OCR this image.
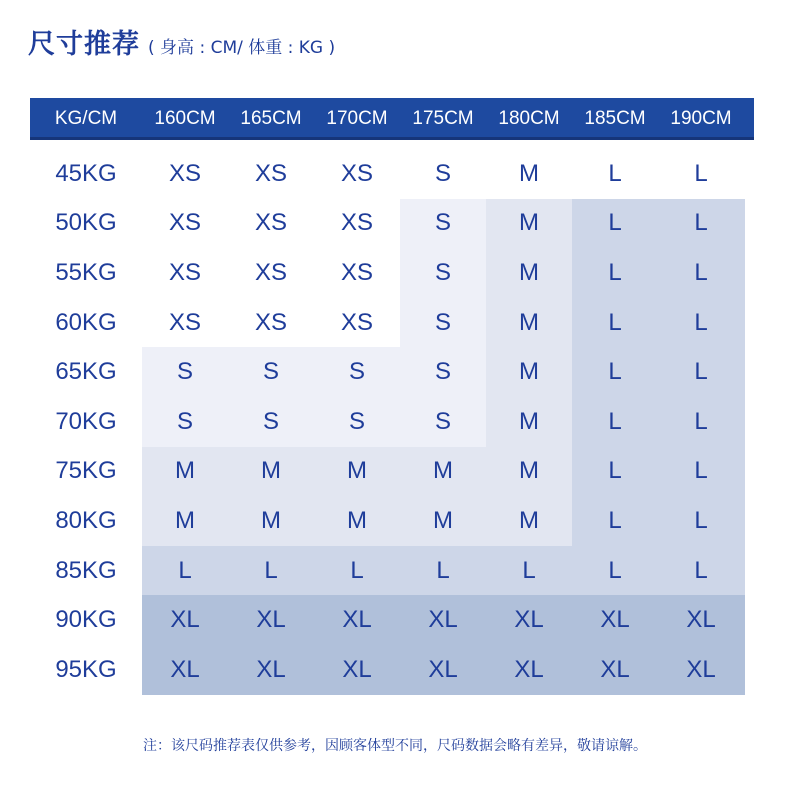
尺寸推荐 ( 身高 : CM/ 体重 : KG )
KG/CM	160CM	165CM	170CM	175CM	180CM	185CM	190CM
45KG	XS	XS	XS	S	M	L	L
50KG	XS	XS	XS	S	M	L	L
55KG	XS	XS	XS	S	M	L	L
60KG	XS	XS	XS	S	M	L	L
65KG	S	S	S	S	M	L	L
70KG	S	S	S	S	M	L	L
75KG	M	M	M	M	M	L	L
80KG	M	M	M	M	M	L	L
85KG	L	L	L	L	L	L	L
90KG	XL	XL	XL	XL	XL	XL	XL
95KG	XL	XL	XL	XL	XL	XL	XL
注：该尺码推荐表仅供参考，因顾客体型不同，尺码数据会略有差异，敬请谅解。
